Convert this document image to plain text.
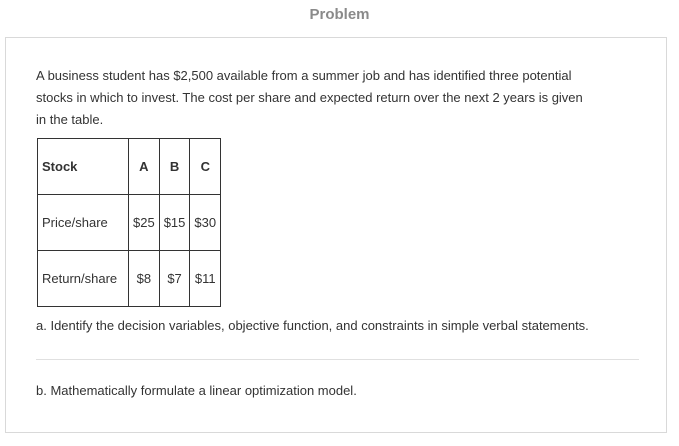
Problem

A business student has $2,500 available from a summer job and has identified three potential
stocks in which to invest. The cost per share and expected return over the next 2 years is given
in the table.

Stock	A	B	C
Price/share	$25	$15	$30
Return/share	$8	$7	$11

a. Identify the decision variables, objective function, and constraints in simple verbal statements.

b. Mathematically formulate a linear optimization model.
